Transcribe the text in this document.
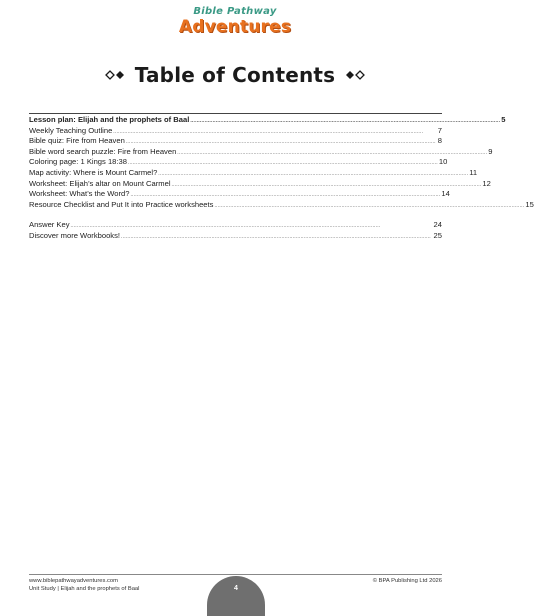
Bible Pathway
Adventures
Table of Contents
Lesson plan: Elijah and the prophets of Baal ................................................................................................................................................................................................... 5
Weekly Teaching Outline ...................................................................................................................................................................................................	7
Bible quiz: Fire from Heaven ................................................................................................................................................................................................... 8
Bible word search puzzle: Fire from Heaven ................................................................................................................................................................................................... 9
Coloring page: 1 Kings 18:38 ................................................................................................................................................................................................... 10
Map activity: Where is Mount Carmel? ................................................................................................................................................................................................... 11
Worksheet: Elijah’s altar on Mount Carmel ................................................................................................................................................................................................... 12
Worksheet: What’s the Word? ................................................................................................................................................................................................... 14
Resource Checklist and Put It into Practice worksheets ................................................................................................................................................................................................... 15
Answer Key ...................................................................................................................................................................................................	24
Discover more Workbooks! ................................................................................................................................................................................................... 25
www.biblepathwayadventures.com
Unit Study | Elijah and the prophets of Baal
© BPA Publishing Ltd 2026
4
